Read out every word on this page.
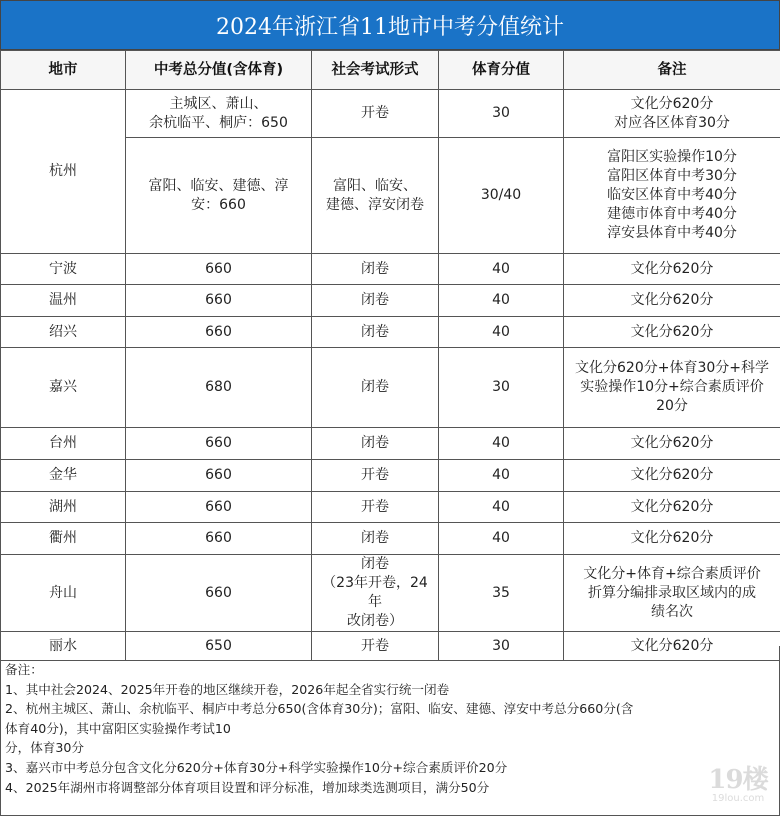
2024年浙江省11地市中考分值统计
地市	中考总分值(含体育)	社会考试形式	体育分值	备注
杭州	主城区、萧山、
余杭临平、桐庐：650	开卷	30	文化分620分
对应各区体育30分
	富阳、临安、建德、淳
安：660	富阳、临安、
建德、淳安闭卷	30/40	富阳区实验操作10分
富阳区体育中考30分
临安区体育中考40分
建德市体育中考40分
淳安县体育中考40分
宁波	660	闭卷	40	文化分620分
温州	660	闭卷	40	文化分620分
绍兴	660	闭卷	40	文化分620分
嘉兴	680	闭卷	30	文化分620分+体育30分+科学
实验操作10分+综合素质评价
20分
台州	660	闭卷	40	文化分620分
金华	660	开卷	40	文化分620分
湖州	660	开卷	40	文化分620分
衢州	660	闭卷	40	文化分620分
舟山	660	闭卷
（23年开卷，24年
改闭卷）	35	文化分+体育+综合素质评价
折算分编排录取区域内的成
绩名次
丽水	650	开卷	30	文化分620分
备注：
1、其中社会2024、2025年开卷的地区继续开卷，2026年起全省实行统一闭卷
2、杭州主城区、萧山、余杭临平、桐庐中考总分650(含体育30分)；富阳、临安、建德、淳安中考总分660分(含
体育40分)，其中富阳区实验操作考试10
分，体育30分
3、嘉兴市中考总分包含文化分620分+体育30分+科学实验操作10分+综合素质评价20分
4、2025年湖州市将调整部分体育项目设置和评分标准，增加球类选测项目，满分50分	19楼
19lou.com
